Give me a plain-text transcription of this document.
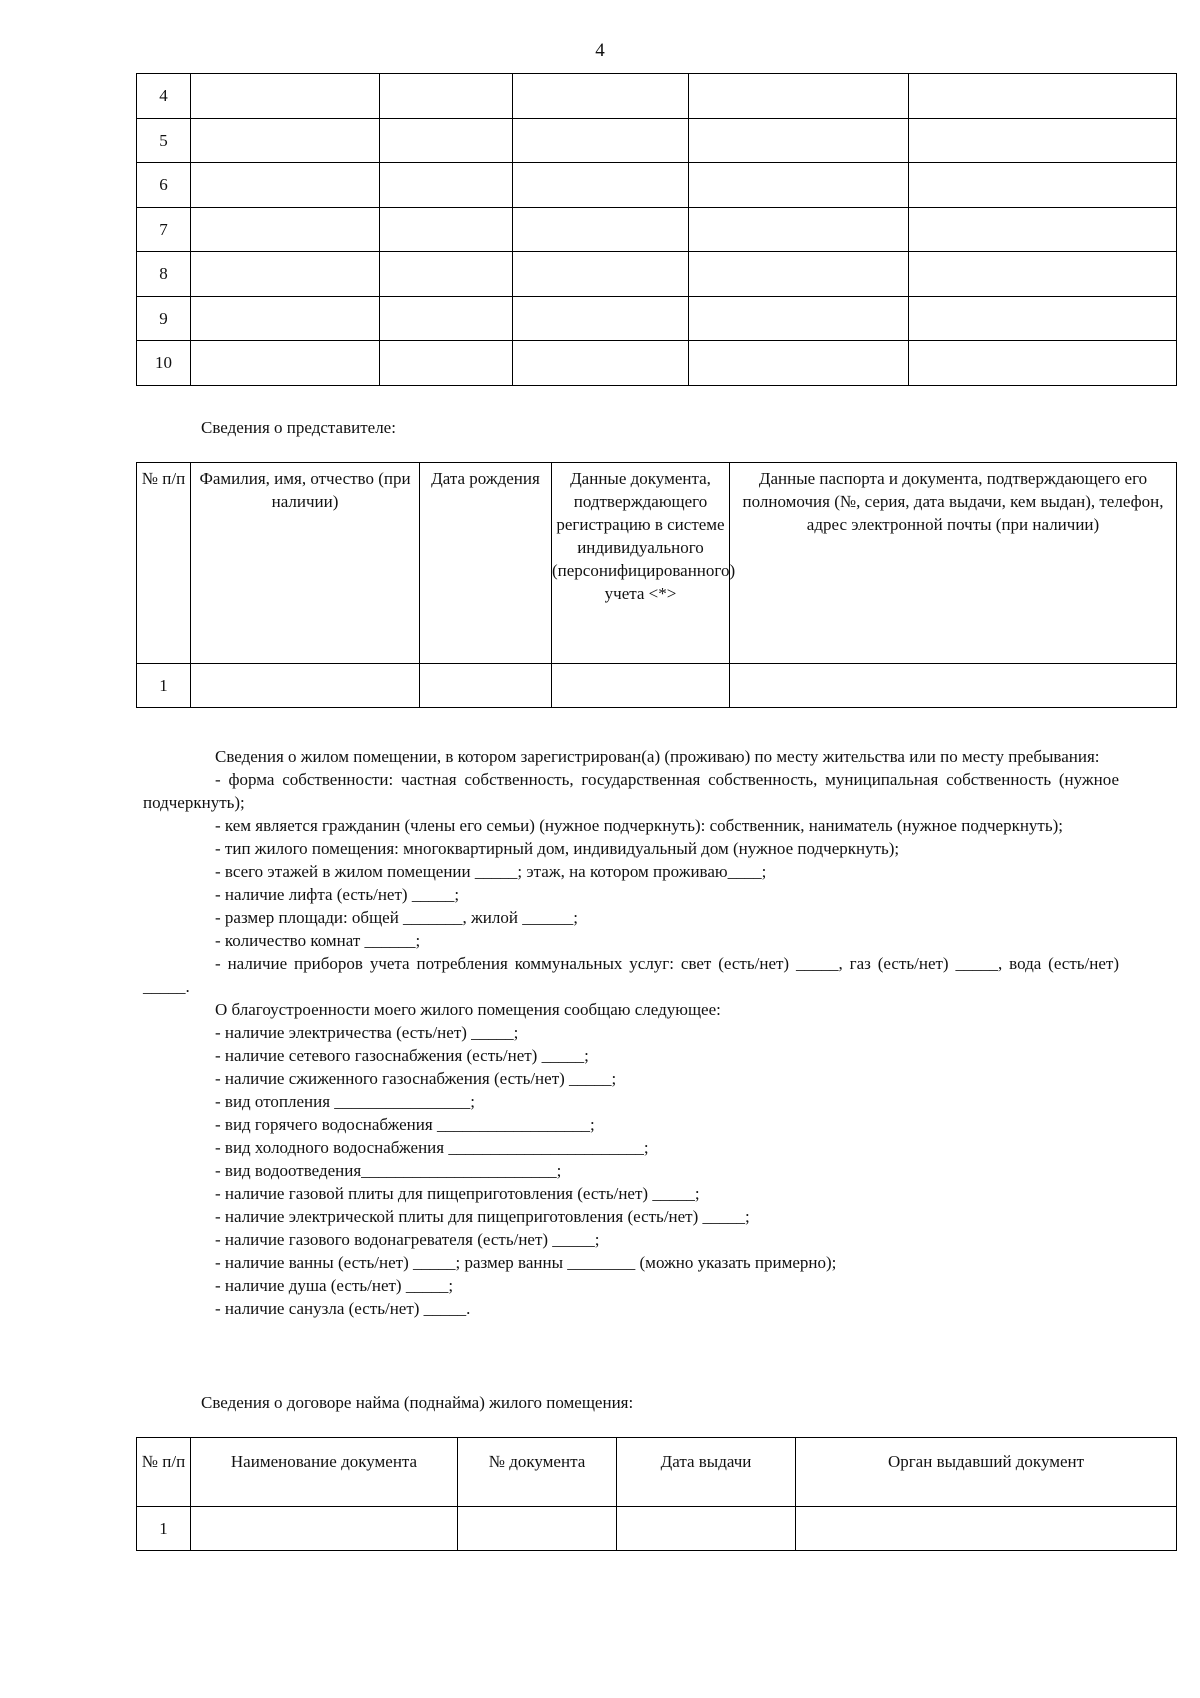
4
4					
5					
6					
7					
8					
9					
10					
Сведения о представителе:
№ п/п	Фамилия, имя, отчество (при наличии)	Дата рождения	Данные документа, подтверждающего регистрацию в системе индивидуального (персонифицированного) учета <*>	Данные паспорта и документа, подтверждающего его полномочия (№, серия, дата выдачи, кем выдан), телефон, адрес электронной почты (при наличии)
1				

Сведения о жилом помещении, в котором зарегистрирован(а) (проживаю) по месту жительства или по месту пребывания:

- форма собственности: частная собственность, государственная собственность, муниципальная собственность (нужное подчеркнуть);

- кем является гражданин (члены его семьи) (нужное подчеркнуть): собственник, наниматель (нужное подчеркнуть);

- тип жилого помещения: многоквартирный дом, индивидуальный дом (нужное подчеркнуть);

- всего этажей в жилом помещении _____; этаж, на котором проживаю____;

- наличие лифта (есть/нет) _____;

- размер площади: общей _______, жилой ______;

- количество комнат ______;

- наличие приборов учета потребления коммунальных услуг: свет (есть/нет) _____, газ (есть/нет) _____, вода (есть/нет) _____.

О благоустроенности моего жилого помещения сообщаю следующее:

- наличие электричества (есть/нет) _____;

- наличие сетевого газоснабжения (есть/нет) _____;

- наличие сжиженного газоснабжения (есть/нет) _____;

- вид отопления ________________;

- вид горячего водоснабжения __________________;

- вид холодного водоснабжения _______________________;

- вид водоотведения_______________________;

- наличие газовой плиты для пищеприготовления (есть/нет) _____;

- наличие электрической плиты для пищеприготовления (есть/нет) _____;

- наличие газового водонагревателя (есть/нет) _____;

- наличие ванны (есть/нет) _____; размер ванны ________ (можно указать примерно);

- наличие душа (есть/нет) _____;

- наличие санузла (есть/нет) _____.

Сведения о договоре найма (поднайма) жилого помещения:
№ п/п	Наименование документа	№ документа	Дата выдачи	Орган выдавший документ
1				
